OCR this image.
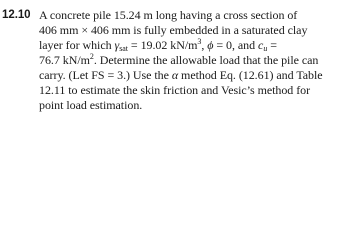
12.10 A concrete pile 15.24 m long having a cross section of
406 mm × 406 mm is fully embedded in a saturated clay
layer for which $\gamma_{sat} = 19.02$ $kN/m^3$, ϕ = 0, and $c_u$ =
76.7 $kN/m^2$. Determine the allowable load that the pile can
carry. (Let FS = 3.) Use the α method Eq. (12.61) and Table
12.11 to estimate the skin friction and Vesic’s method for
point load estimation.
